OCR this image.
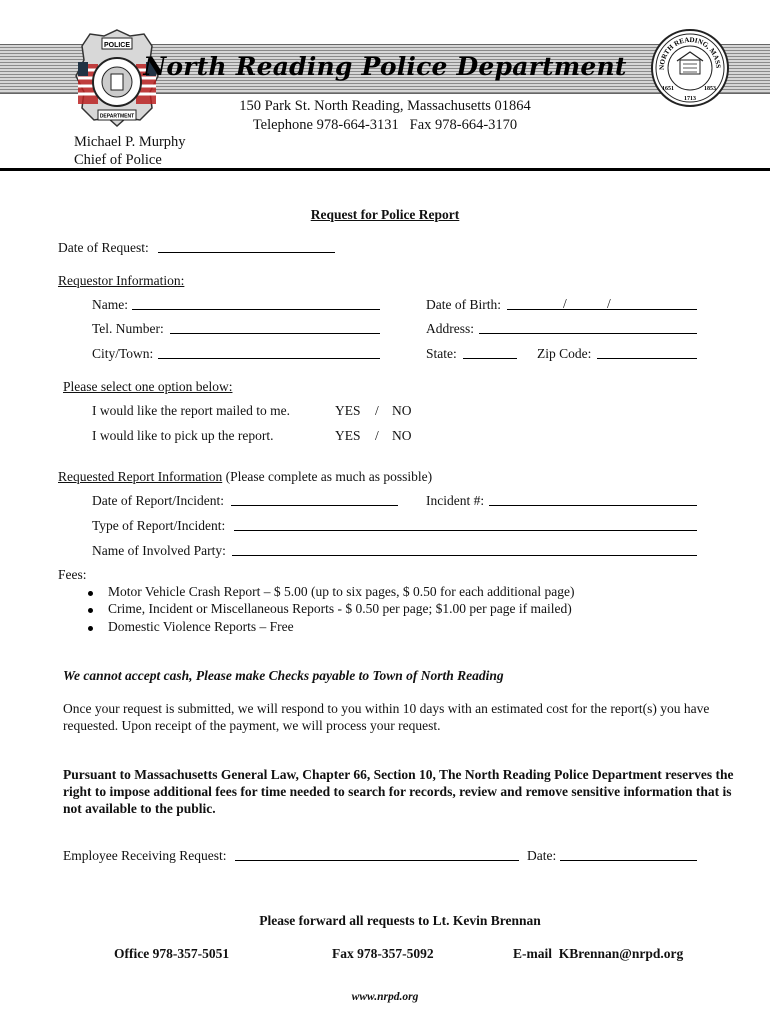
POLICE
DEPARTMENT
NORTH READING, MASS
1651
1713
1853
North Reading Police Department
150 Park St. North Reading, Massachusetts 01864
Telephone 978-664-3131   Fax 978-664-3170
Michael P. Murphy
Chief of Police
Request for Police Report
Date of Request:
Requestor Information:
Name:	Date of Birth:	/	/
Tel. Number:	Address:
City/Town:	State:	Zip Code:
Please select one option below:
I would like the report mailed to me.	YES / NO
I would like to pick up the report.	YES / NO
Requested Report Information (Please complete as much as possible)
Date of Report/Incident:	Incident #:
Type of Report/Incident:
Name of Involved Party:
Fees:
Motor Vehicle Crash Report – $ 5.00 (up to six pages, $ 0.50 for each additional page)
Crime, Incident or Miscellaneous Reports - $ 0.50 per page; $1.00 per page if mailed)
Domestic Violence Reports – Free
We cannot accept cash, Please make Checks payable to Town of North Reading
Once your request is submitted, we will respond to you within 10 days with an estimated cost for the report(s) you have requested. Upon receipt of the payment, we will process your request.
Pursuant to Massachusetts General Law, Chapter 66, Section 10, The North Reading Police Department reserves the right to impose additional fees for time needed to search for records, review and remove sensitive information that is not available to the public.
Employee Receiving Request:	Date:
Please forward all requests to Lt. Kevin Brennan
Office 978-357-5051	Fax 978-357-5092	E-mail  KBrennan@nrpd.org
www.nrpd.org
